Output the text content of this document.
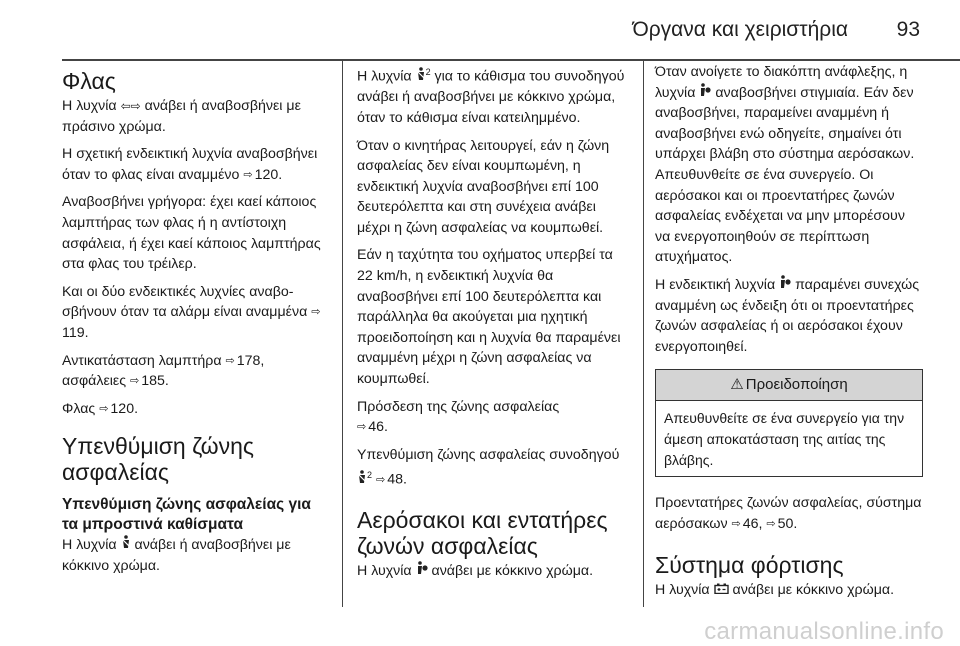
Όργανα και χειριστήρια 93
Φλας

Η λυχνία ⇦⇨ ανάβει ή αναβοσβήνει με πράσινο χρώμα.

Η σχετική ενδεικτική λυχνία αναβοσβήνει όταν το φλας είναι αναμμένο ⇨ 120.

Αναβοσβήνει γρήγορα: έχει καεί κάποιος λαμπτήρας των φλας ή η αντίστοιχη ασφάλεια, ή έχει καεί κάποιος λαμπτήρας στα φλας του τρέιλερ.

Και οι δύο ενδεικτικές λυχνίες αναβοσβήνουν όταν τα αλάρμ είναι αναμμένα ⇨119.

Αντικατάσταση λαμπτήρα ⇨ 178, ασφάλειες ⇨ 185.

Φλας ⇨ 120.

Υπενθύμιση ζώνης ασφαλείας
Υπενθύμιση ζώνης ασφαλείας για τα μπροστινά καθίσματα

Η λυχνία ανάβει ή αναβοσβήνει με κόκκινο χρώμα.

Η λυχνία $^2$ για το κάθισμα του συνοδηγού ανάβει ή αναβοσβήνει με κόκκινο χρώμα, όταν το κάθισμα είναι κατειλημμένο.

Όταν ο κινητήρας λειτουργεί, εάν η ζώνη ασφαλείας δεν είναι κουμπωμένη, η ενδεικτική λυχνία αναβοσβήνει επί 100 δευτερόλεπτα και στη συνέχεια ανάβει μέχρι η ζώνη ασφαλείας να κουμπωθεί.

Εάν η ταχύτητα του οχήματος υπερβεί τα 22 km/h, η ενδεικτική λυχνία θα αναβοσβήνει επί 100 δευτερόλεπτα και παράλληλα θα ακούγεται μια ηχητική προειδοποίηση και η λυχνία θα παραμένει αναμμένη μέχρι η ζώνη ασφαλείας να κουμπωθεί.

Πρόσδεση της ζώνης ασφαλείας
⇨ 46.

Υπενθύμιση ζώνης ασφαλείας συνοδηγού $^2$ ⇨ 48.

Αερόσακοι και εντατήρες ζωνών ασφαλείας

Η λυχνία ανάβει με κόκκινο χρώμα.

Όταν ανοίγετε το διακόπτη ανάφλεξης, η λυχνία αναβοσβήνει στιγμιαία. Εάν δεν αναβοσβήνει, παραμείνει αναμμένη ή αναβοσβήνει ενώ οδηγείτε, σημαίνει ότι υπάρχει βλάβη στο σύστημα αερόσακων. Απευθυνθείτε σε ένα συνεργείο. Οι αερόσακοι και οι προεντατήρες ζωνών ασφαλείας ενδέχεται να μην μπορέσουν να ενεργοποιηθούν σε περίπτωση ατυχήματος.

Η ενδεικτική λυχνία παραμένει συνεχώς αναμμένη ως ένδειξη ότι οι προεντατήρες ζωνών ασφαλείας ή οι αερόσακοι έχουν ενεργοποιηθεί.

⚠ Προειδοποίηση
Απευθυνθείτε σε ένα συνεργείο για την άμεση αποκατάσταση της αιτίας της βλάβης.

Προεντατήρες ζωνών ασφαλείας, σύστημα αερόσακων ⇨ 46, ⇨ 50.

Σύστημα φόρτισης

Η λυχνία ανάβει με κόκκινο χρώμα.

carmanualsonline.info
